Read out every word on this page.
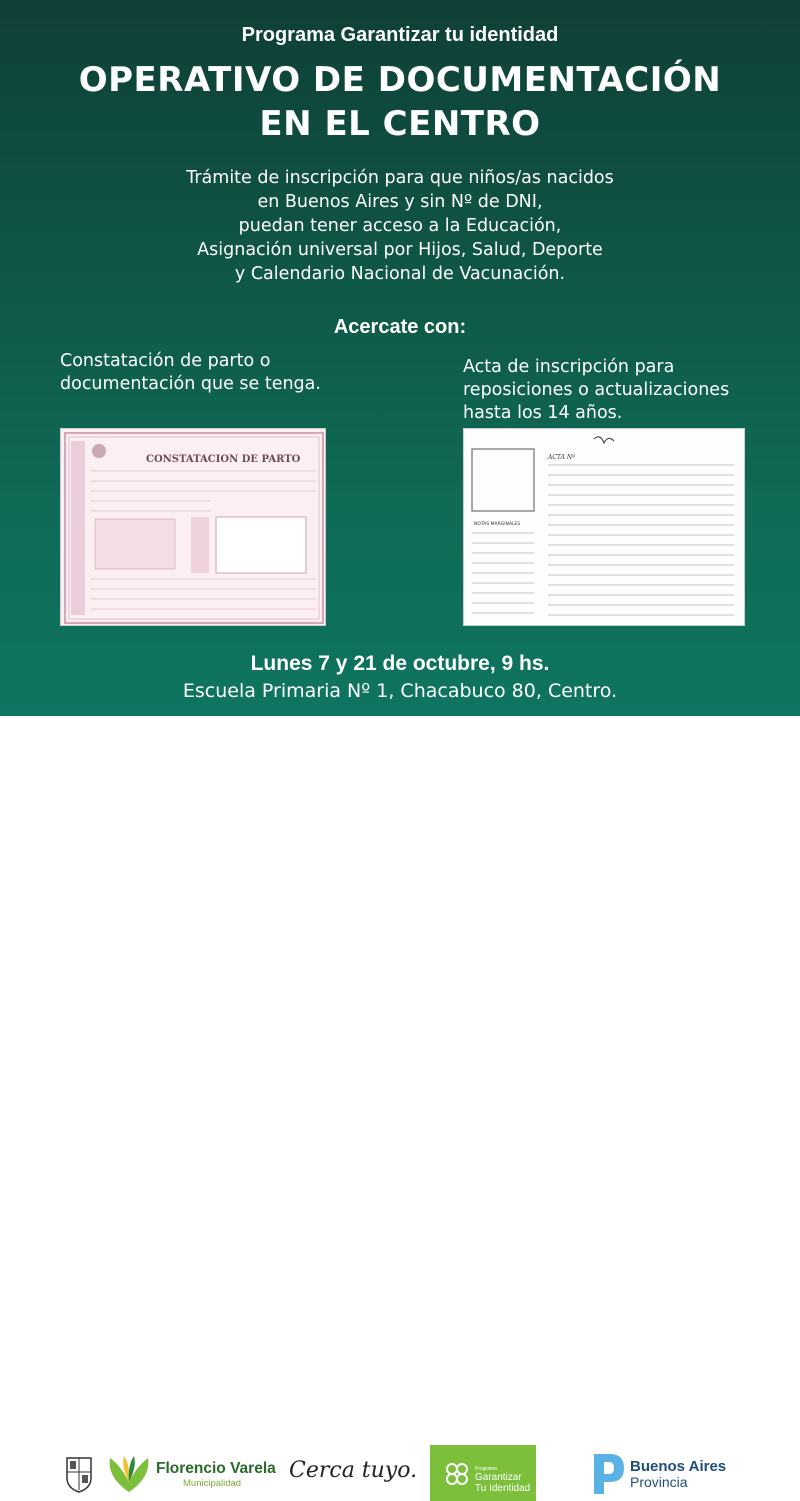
Programa Garantizar tu identidad
OPERATIVO DE DOCUMENTACIÓN
EN EL CENTRO
Trámite de inscripción para que niños/as nacidos
en Buenos Aires y sin Nº de DNI,
puedan tener acceso a la Educación,
Asignación universal por Hijos, Salud, Deporte
y Calendario Nacional de Vacunación.
Acercate con:
Constatación de parto o
documentación que se tenga.
Acta de inscripción para
reposiciones o actualizaciones
hasta los 14 años.
CONSTATACION DE PARTO	ACTA Nº
NOTAS MARGINALES
Lunes 7 y 21 de octubre, 9 hs.
Escuela Primaria Nº 1, Chacabuco 80, Centro.
Florencio Varela
Municipalidad
Cerca tuyo.	Programa
Garantizar
Tu Identidad
Buenos Aires
Provincia
